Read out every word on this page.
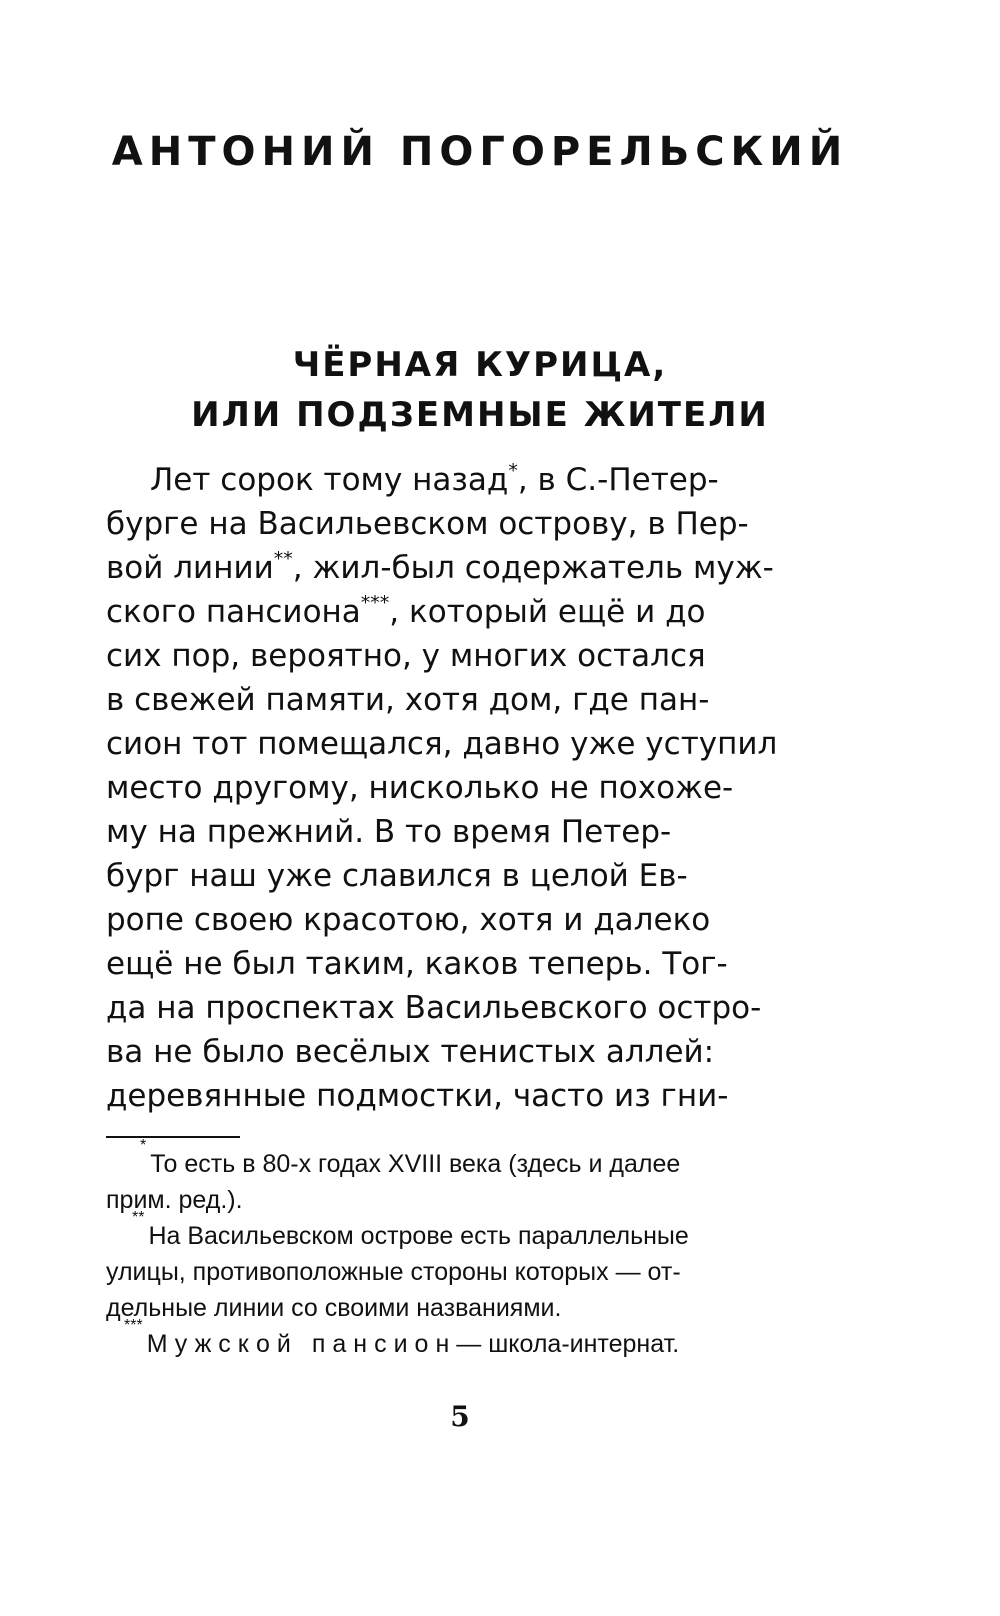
АНТОНИЙ ПОГОРЕЛЬСКИЙ
ЧЁРНАЯ КУРИЦА,
ИЛИ ПОДЗЕМНЫЕ ЖИТЕЛИ
Лет сорок тому назад*, в С.-Петер-
бурге на Васильевском острову, в Пер-
вой линии**, жил-был содержатель муж-
ского пансиона***, который ещё и до
сих пор, вероятно, у многих остался
в свежей памяти, хотя дом, где пан-
сион тот помещался, давно уже уступил
место другому, нисколько не похоже-
му на прежний. В то время Петер-
бург наш уже славился в целой Ев-
ропе своею красотою, хотя и далеко
ещё не был таким, каков теперь. Тог-
да на проспектах Васильевского остро-
ва не было весёлых тенистых аллей:
деревянные подмостки, часто из гни-
*
То есть в 80-х годах XVIII века (здесь и далее
прим. ред.).
**
На Васильевском острове есть параллельные
улицы, противоположные стороны которых — от-
дельные линии со своими названиями.
***
Мужской пансион — школа-интернат.
5
